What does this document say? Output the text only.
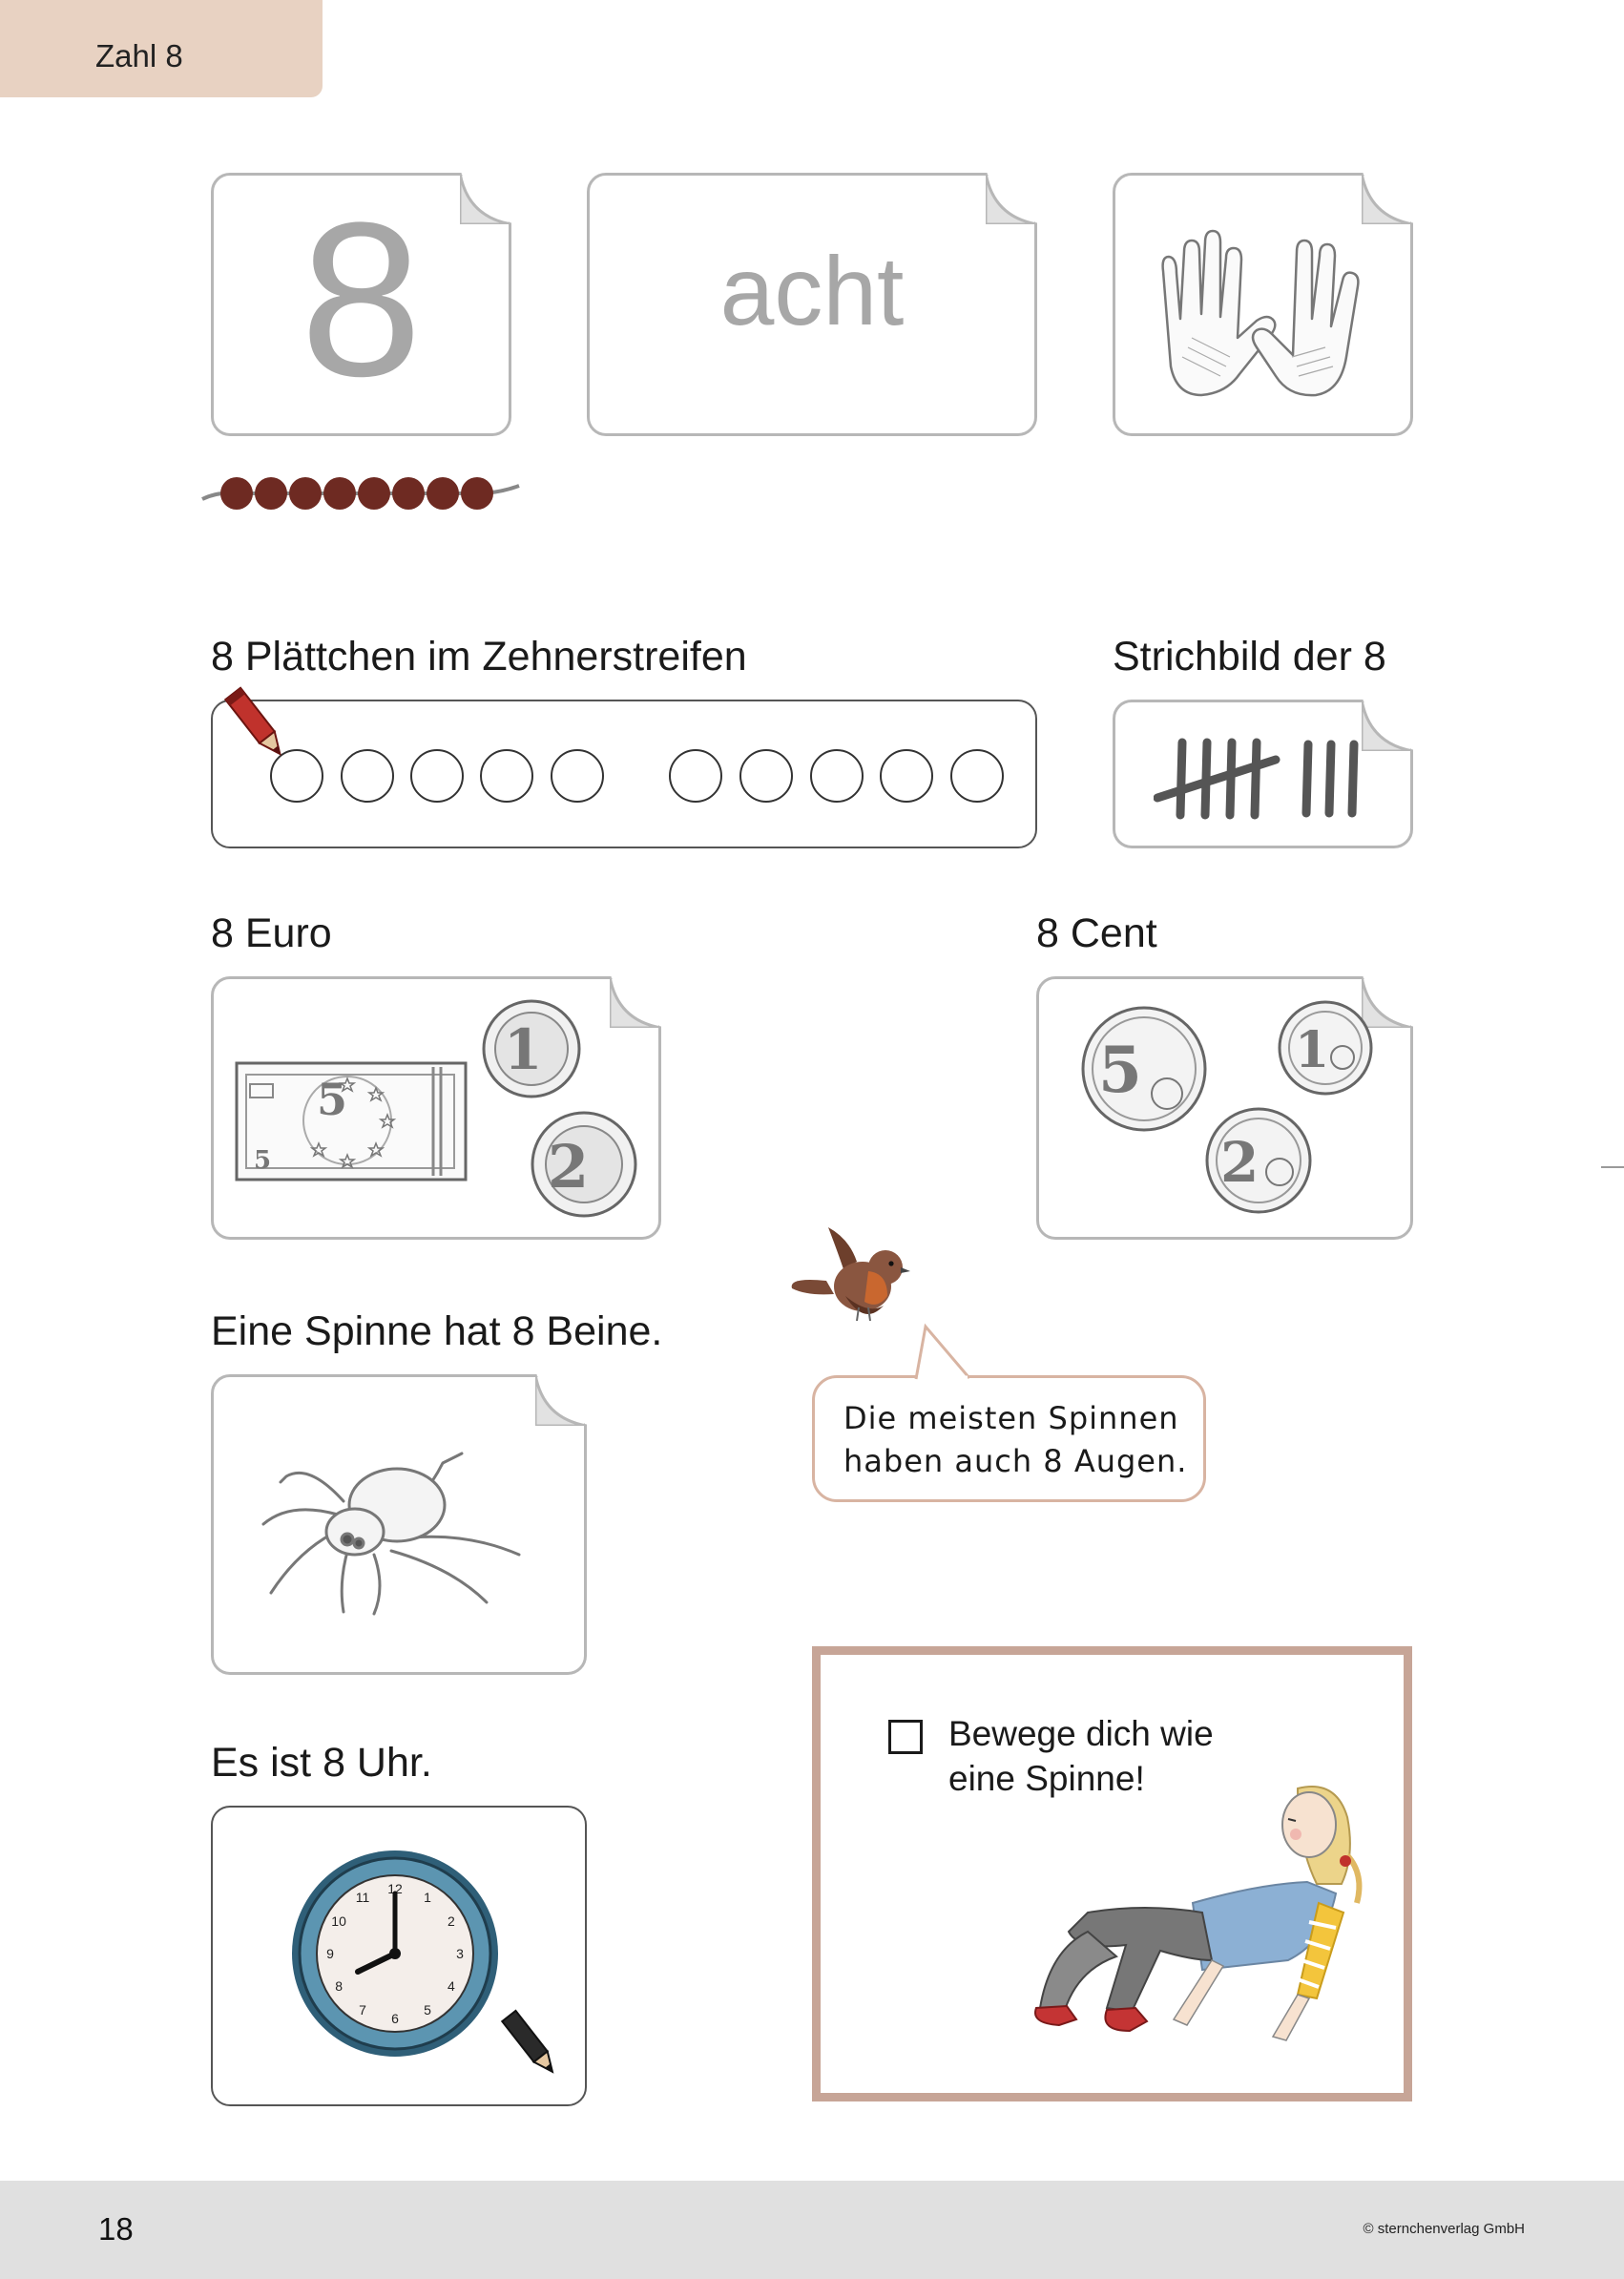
Zahl 8
8	acht
8 Plättchen im Zehnerstreifen	Strichbild der 8
8 Euro
5
5
1
2
8 Cent
5	1
2
Die meisten Spinnen
haben auch 8 Augen.
Eine Spinne hat 8 Beine.
Es ist 8 Uhr.
12
1
2
3
4
5
6
7
8
9
10
11
Bewege dich wie
eine Spinne!
18	© sternchenverlag GmbH
